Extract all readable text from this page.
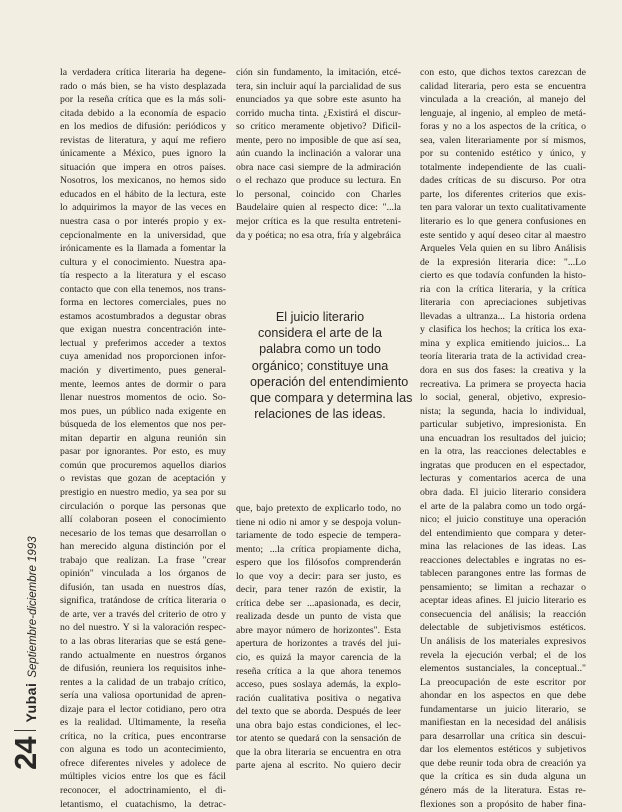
24
Yubai
Septiembre-diciembre 1993
la verdadera crítica literaria ha degene-
rado o más bien, se ha visto desplazada
por la reseña crítica que es la más soli-
citada debido a la economía de espacio
en los medios de difusión: periódicos y
revistas de literatura, y aquí me refiero
únicamente a México, pues ignoro la
situación que impera en otros países.
Nosotros, los mexicanos, no hemos sido
educados en el hábito de la lectura, este
lo adquirimos la mayor de las veces en
nuestra casa o por interés propio y ex-
cepcionalmente en la universidad, que
irónicamente es la llamada a fomentar la
cultura y el conocimiento. Nuestra apa-
tía respecto a la literatura y el escaso
contacto que con ella tenemos, nos trans-
forma en lectores comerciales, pues no
estamos acostumbrados a degustar obras
que exigan nuestra concentración inte-
lectual y preferimos acceder a textos
cuya amenidad nos proporcionen infor-
mación y divertimento, pues general-
mente, leemos antes de dormir o para
llenar nuestros momentos de ocio. So-
mos pues, un público nada exigente en
búsqueda de los elementos que nos per-
mitan departir en alguna reunión sin
pasar por ignorantes. Por esto, es muy
común que procuremos aquellos diarios
o revistas que gozan de aceptación y
prestigio en nuestro medio, ya sea por su
circulación o porque las personas que
allí colaboran poseen el conocimiento
necesario de los temas que desarrollan o
han merecido alguna distinción por el
trabajo que realizan. La frase "crear
opinión" vinculada a los órganos de
difusión, tan usada en nuestros días,
significa, tratándose de crítica literaria o
de arte, ver a través del criterio de otro y
no del nuestro. Y si la valoración respec-
to a las obras literarias que se está gene-
rando actualmente en nuestros órganos
de difusión, reuniera los requisitos inhe-
rentes a la calidad de un trabajo crítico,
sería una valiosa oportunidad de apren-
dizaje para el lector cotidiano, pero otra
es la realidad. Ultimamente, la reseña
crítica, no la crítica, pues encontrarse
con alguna es todo un acontecimiento,
ofrece diferentes niveles y adolece de
múltiples vicios entre los que es fácil
reconocer, el adoctrinamiento, el di-
letantismo, el cuatachismo, la detrac-
ción sin fundamento, la imitación, etcé-
tera, sin incluir aquí la parcialidad de sus
enunciados ya que sobre este asunto ha
corrido mucha tinta. ¿Existirá el discur-
so crítico meramente objetivo? Dificil-
mente, pero no imposible de que así sea,
aún cuando la inclinación a valorar una
obra nace casi siempre de la admiración
o el rechazo que produce su lectura. En
lo personal, coincido con Charles
Baudelaire quien al respecto dice: "...la
mejor crítica es la que resulta entreteni-
da y poética; no esa otra, fría y algebráica
El juicio literario
considera el arte de la
palabra como un todo
orgánico; constituye una
operación del entendimiento
que compara y determina las
relaciones de las ideas.
que, bajo pretexto de explicarlo todo, no
tiene ni odio ni amor y se despoja volun-
tariamente de todo especie de tempera-
mento; ...la crítica propiamente dicha,
espero que los filósofos comprenderán
lo que voy a decir: para ser justo, es
decir, para tener razón de existir, la
crítica debe ser ...apasionada, es decir,
realizada desde un punto de vista que
abre mayor número de horizontes". Esta
apertura de horizontes a través del jui-
cio, es quizá la mayor carencia de la
reseña crítica a la que ahora tenemos
acceso, pues soslaya además, la explo-
ración cualitativa positiva o negativa
del texto que se aborda. Después de leer
una obra bajo estas condiciones, el lec-
tor atento se quedará con la sensación de
que la obra literaria se encuentra en otra
parte ajena al escrito. No quiero decir
con esto, que dichos textos carezcan de
calidad literaria, pero esta se encuentra
vinculada a la creación, al manejo del
lenguaje, al ingenio, al empleo de metá-
foras y no a los aspectos de la crítica, o
sea, valen literariamente por sí mismos,
por su contenido estético y único, y
totalmente independiente de las cuali-
dades críticas de su discurso. Por otra
parte, los diferentes criterios que exis-
ten para valorar un texto cualitativamente
literario es lo que genera confusiones en
este sentido y aquí deseo citar al maestro
Arqueles Vela quien en su libro Análisis
de la expresión literaria dice: "...Lo
cierto es que todavía confunden la histo-
ria con la crítica literaria, y la crítica
literaria con apreciaciones subjetivas
llevadas a ultranza... La historia ordena
y clasifica los hechos; la crítica los exa-
mina y explica emitiendo juicios... La
teoría literaria trata de la actividad crea-
dora en sus dos fases: la creativa y la
recreativa. La primera se proyecta hacia
lo social, general, objetivo, expresio-
nista; la segunda, hacia lo individual,
particular subjetivo, impresionista. En
una encuadran los resultados del juicio;
en la otra, las reacciones delectables e
ingratas que producen en el espectador,
lecturas y comentarios acerca de una
obra dada. El juicio literario considera
el arte de la palabra como un todo orgá-
nico; el juicio constituye una operación
del entendimiento que compara y deter-
mina las relaciones de las ideas. Las
reacciones delectables e ingratas no es-
tablecen parangones entre las formas de
pensamiento; se limitan a rechazar o
aceptar ideas afines. El juicio literario es
consecuencia del análisis; la reacción
delectable de subjetivismos estéticos.
Un análisis de los materiales expresivos
revela la ejecución verbal; el de los
elementos sustanciales, la conceptual.."
La preocupación de este escritor por
ahondar en los aspectos en que debe
fundamentarse un juicio literario, se
manifiestan en la necesidad del análisis
para desarrollar una crítica sin descui-
dar los elementos estéticos y subjetivos
que debe reunir toda obra de creación ya
que la crítica es sin duda alguna un
género más de la literatura. Estas re-
flexiones son a propósito de haber fina-
